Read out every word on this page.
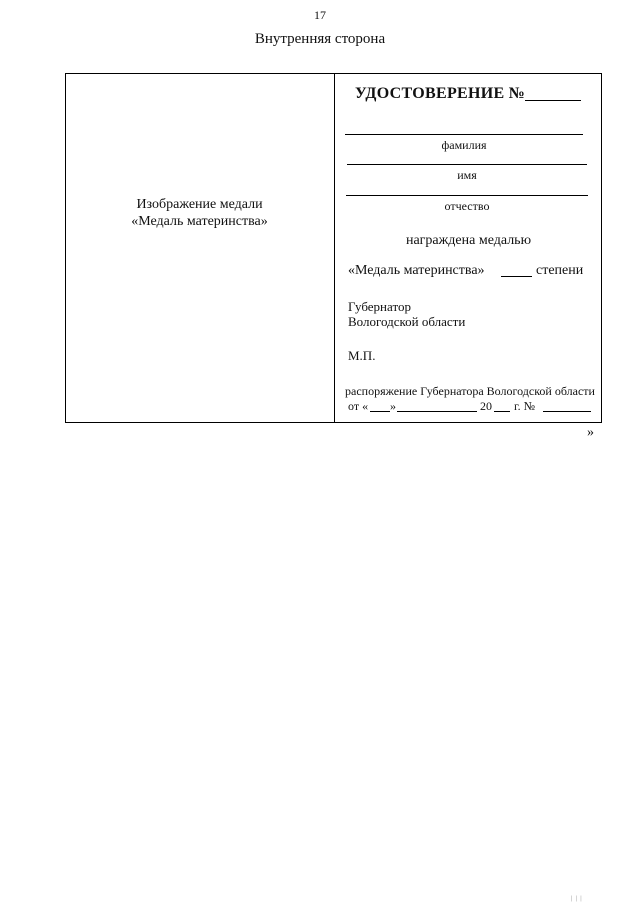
17
Внутренняя сторона
Изображение медали
«Медаль материнства»
УДОСТОВЕРЕНИЕ №
фамилия
имя
отчество
награждена медалью
«Медаль материнства»	степени
Губернатор
Вологодской области
М.П.
распоряжение Губернатора Вологодской области
от « »	20 г. №
»
| | |
